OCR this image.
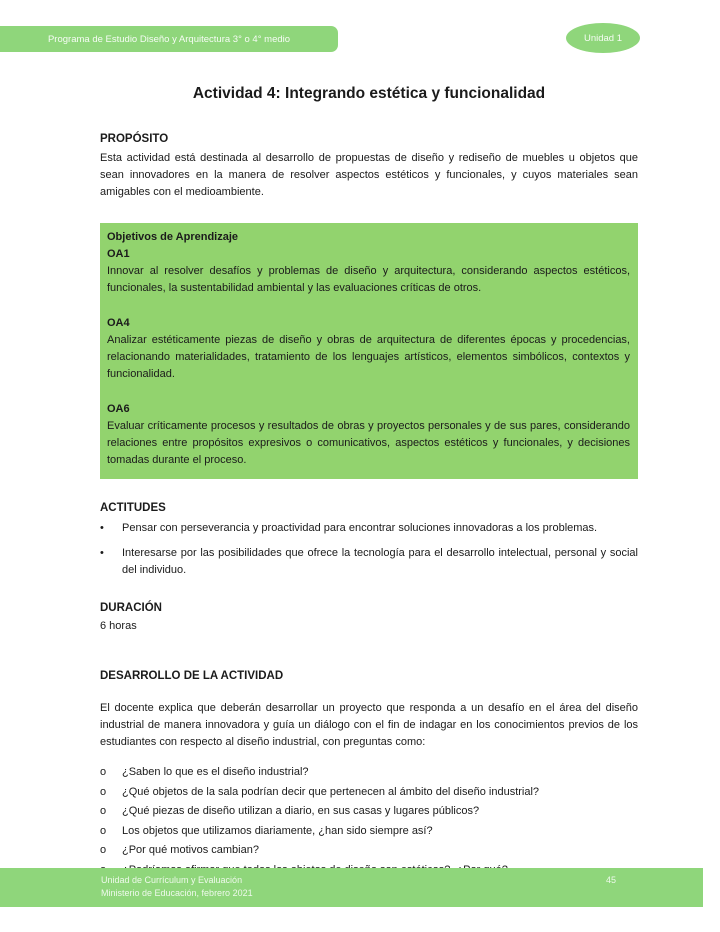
Programa de Estudio Diseño y Arquitectura 3° o 4° medio	Unidad 1
Actividad 4: Integrando estética y funcionalidad
PROPÓSITO
Esta actividad está destinada al desarrollo de propuestas de diseño y rediseño de muebles u objetos que sean innovadores en la manera de resolver aspectos estéticos y funcionales, y cuyos materiales sean amigables con el medioambiente.
Objetivos de Aprendizaje
OA1
Innovar al resolver desafíos y problemas de diseño y arquitectura, considerando aspectos estéticos, funcionales, la sustentabilidad ambiental y las evaluaciones críticas de otros.
OA4
Analizar estéticamente piezas de diseño y obras de arquitectura de diferentes épocas y procedencias, relacionando materialidades, tratamiento de los lenguajes artísticos, elementos simbólicos, contextos y funcionalidad.
OA6
Evaluar críticamente procesos y resultados de obras y proyectos personales y de sus pares, considerando relaciones entre propósitos expresivos o comunicativos, aspectos estéticos y funcionales, y decisiones tomadas durante el proceso.
ACTITUDES
•	Pensar con perseverancia y proactividad para encontrar soluciones innovadoras a los problemas.
•	Interesarse por las posibilidades que ofrece la tecnología para el desarrollo intelectual, personal y social del individuo.
DURACIÓN
6 horas
DESARROLLO DE LA ACTIVIDAD
El docente explica que deberán desarrollar un proyecto que responda a un desafío en el área del diseño industrial de manera innovadora y guía un diálogo con el fin de indagar en los conocimientos previos de los estudiantes con respecto al diseño industrial, con preguntas como:
o	¿Saben lo que es el diseño industrial?
o	¿Qué objetos de la sala podrían decir que pertenecen al ámbito del diseño industrial?
o	¿Qué piezas de diseño utilizan a diario, en sus casas y lugares públicos?
o	Los objetos que utilizamos diariamente, ¿han sido siempre así?
o	¿Por qué motivos cambian?
Unidad de Currículum y Evaluación
Ministerio de Educación, febrero 2021
45
